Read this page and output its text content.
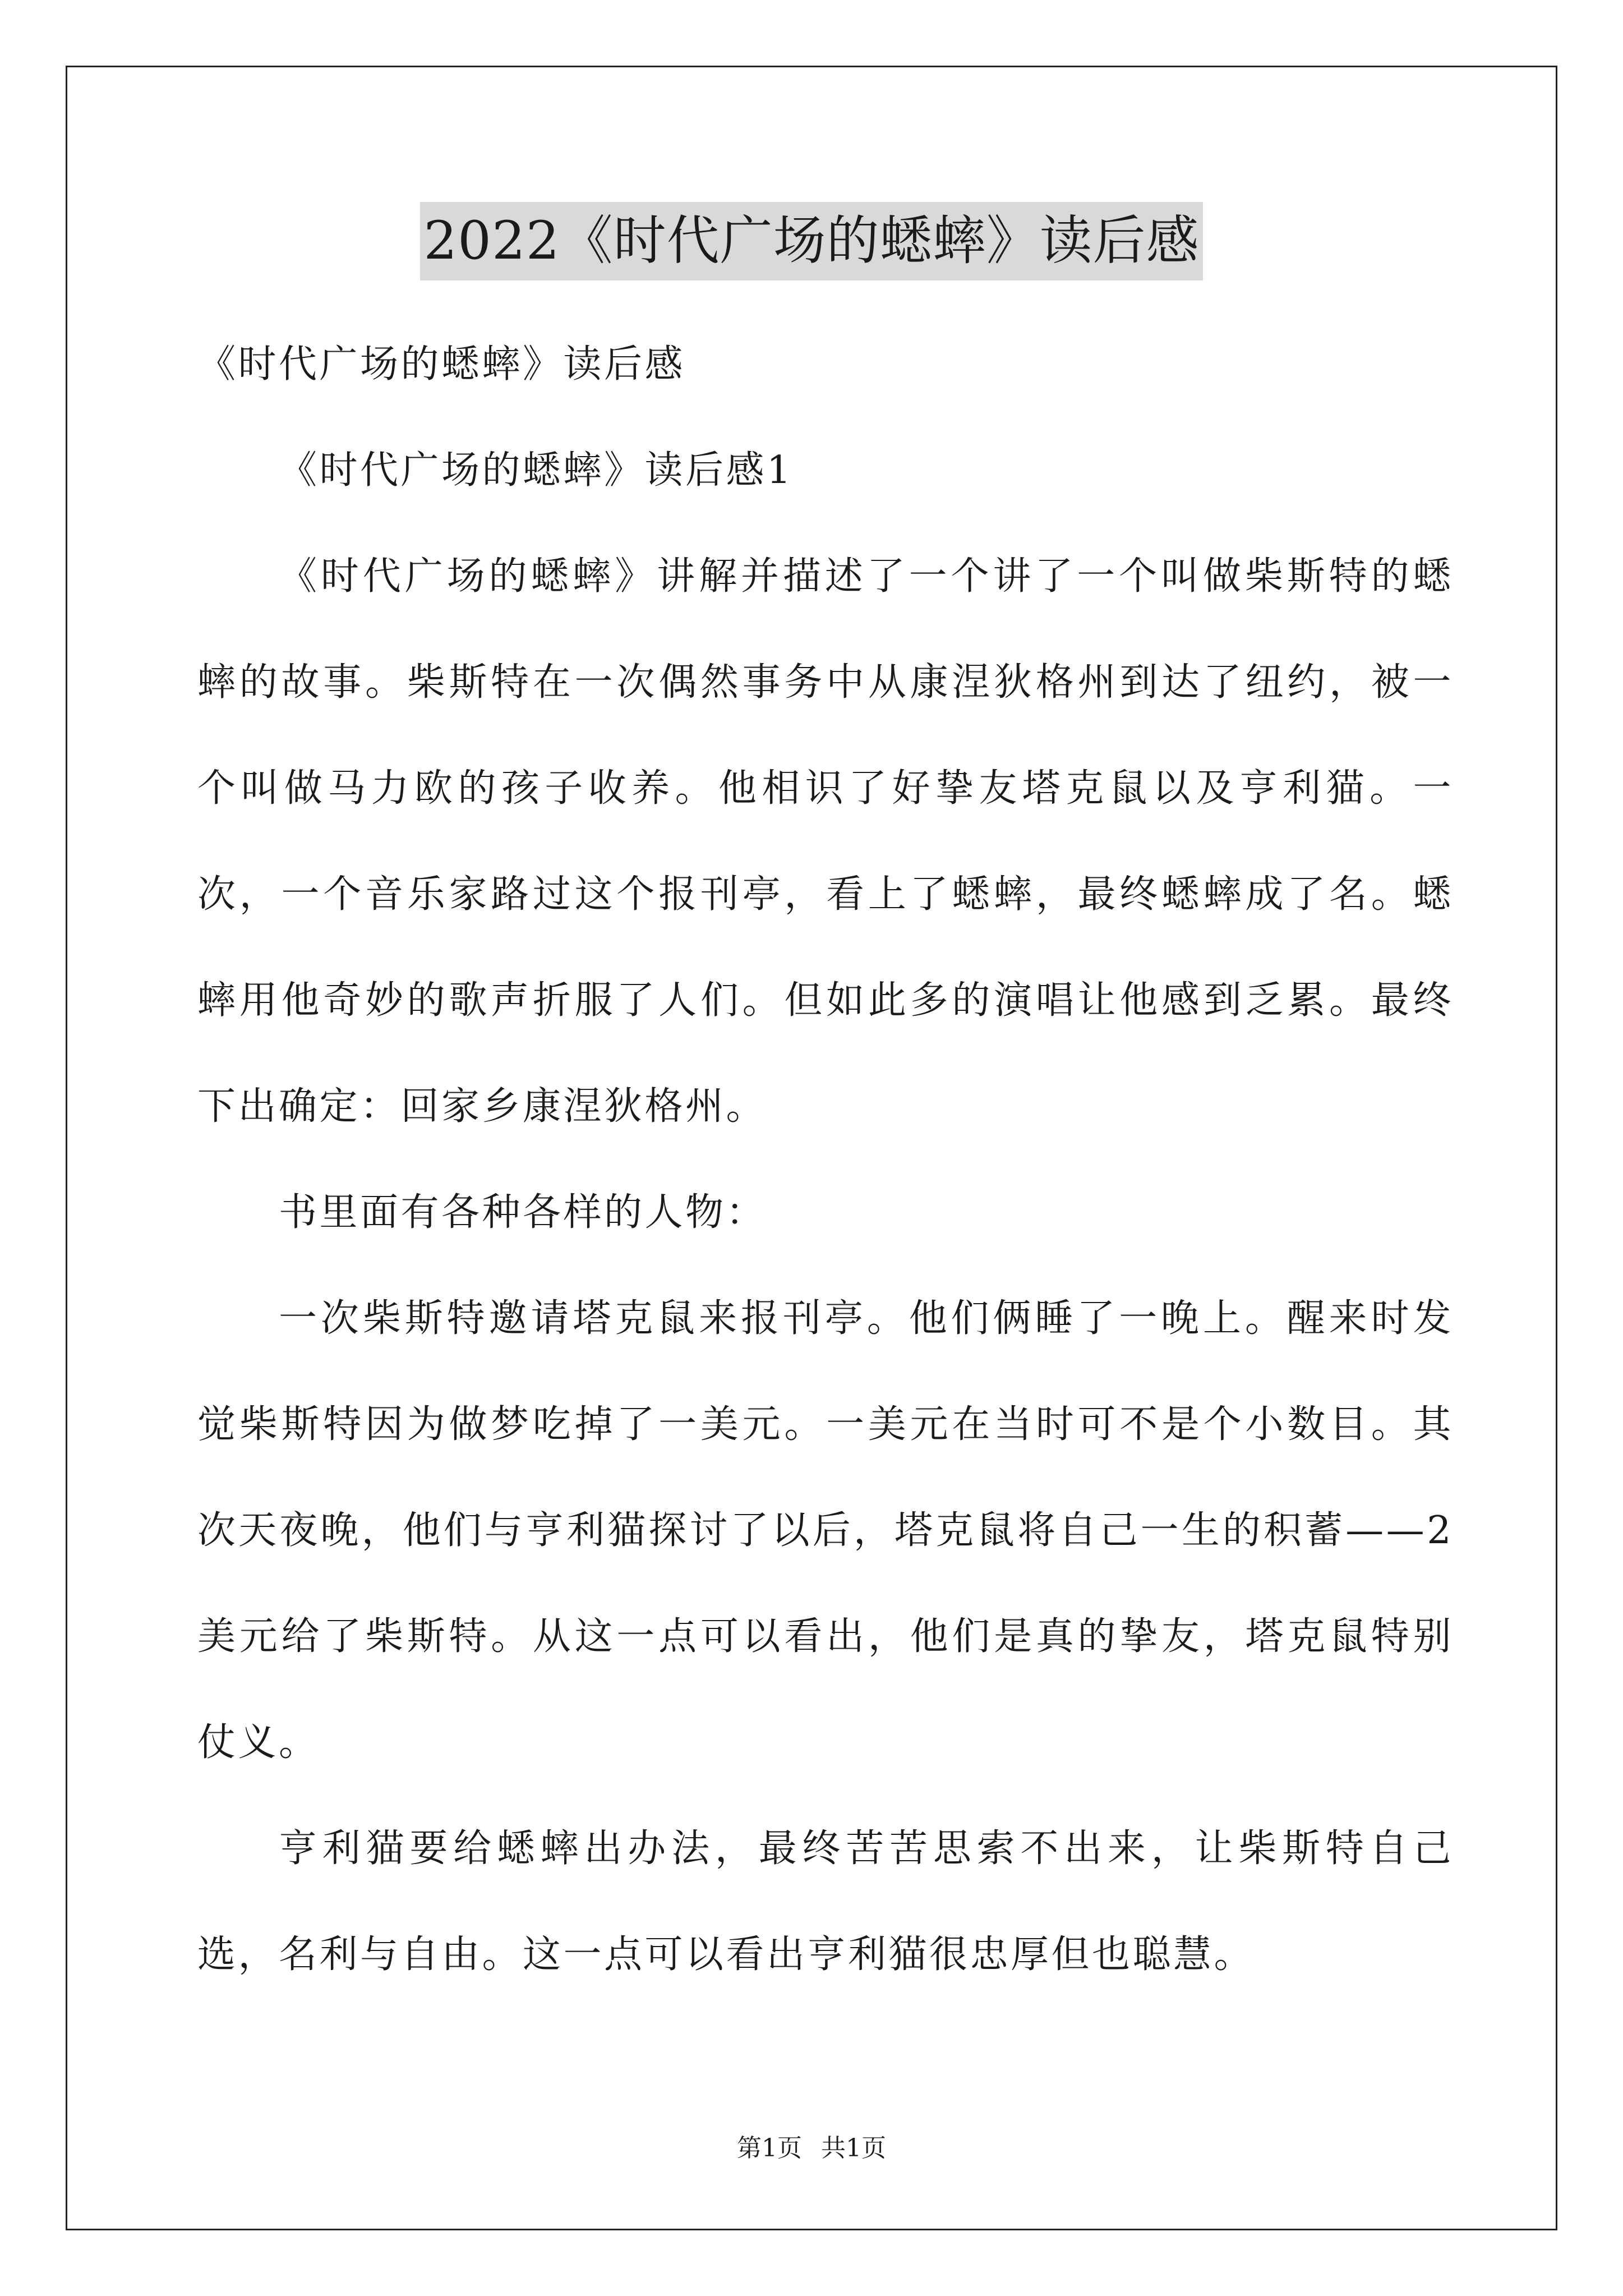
2022《时代广场的蟋蟀》读后感

《时代广场的蟋蟀》读后感

《时代广场的蟋蟀》读后感1

《时代广场的蟋蟀》讲解并描述了一个讲了一个叫做柴斯特的蟋蟀的故事。柴斯特在一次偶然事务中从康涅狄格州到达了纽约，被一个叫做马力欧的孩子收养。他相识了好挚友塔克鼠以及亨利猫。一次，一个音乐家路过这个报刊亭，看上了蟋蟀，最终蟋蟀成了名。蟋蟀用他奇妙的歌声折服了人们。但如此多的演唱让他感到乏累。最终下出确定：回家乡康涅狄格州。

书里面有各种各样的人物：

一次柴斯特邀请塔克鼠来报刊亭。他们俩睡了一晚上。醒来时发觉柴斯特因为做梦吃掉了一美元。一美元在当时可不是个小数目。其次天夜晚，他们与亨利猫探讨了以后，塔克鼠将自己一生的积蓄——2美元给了柴斯特。从这一点可以看出，他们是真的挚友，塔克鼠特别仗义。

亨利猫要给蟋蟀出办法，最终苦苦思索不出来，让柴斯特自己选，名利与自由。这一点可以看出亨利猫很忠厚但也聪慧。

第1页 共1页
